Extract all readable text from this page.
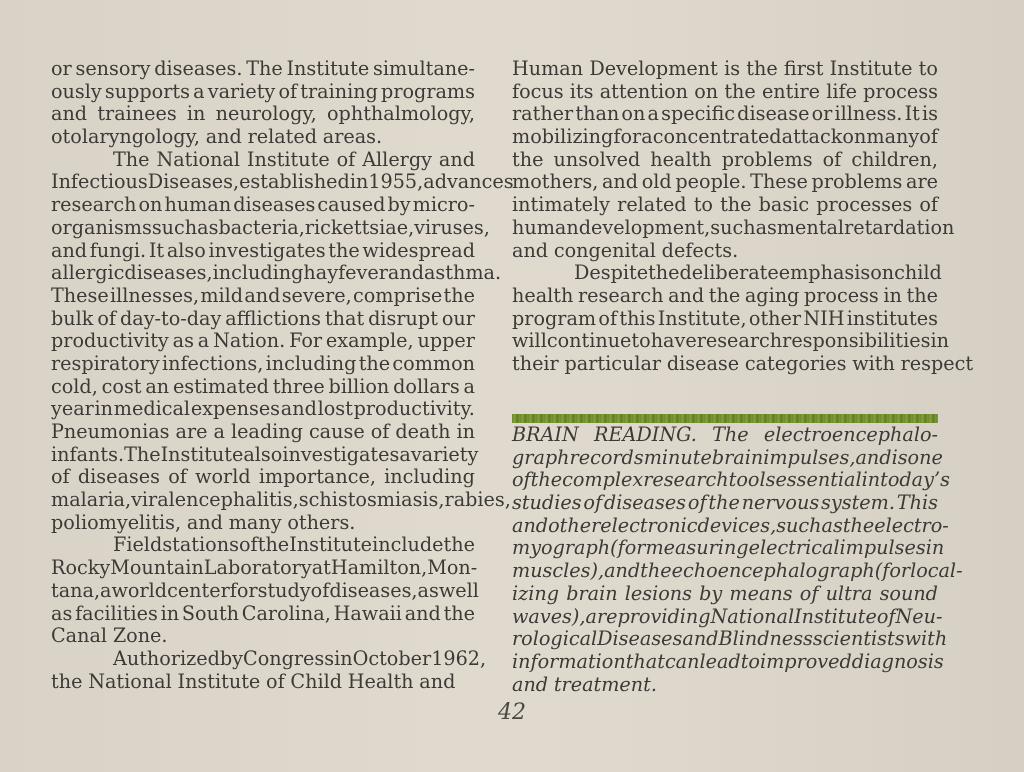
or sensory diseases. The Institute simultane-
ously supports a variety of training programs
and trainees in neurology, ophthalmology,
otolaryngology, and related areas.
The National Institute of Allergy and
Infectious Diseases, established in 1955, advances
research on human diseases caused by micro-
organisms such as bacteria, rickettsiae, viruses,
and fungi. It also investigates the widespread
allergic diseases, including hay fever and asthma.
These illnesses, mild and severe, comprise the
bulk of day-to-day afflictions that disrupt our
productivity as a Nation. For example, upper
respiratory infections, including the common
cold, cost an estimated three billion dollars a
year in medical expenses and lost productivity.
Pneumonias are a leading cause of death in
infants. The Institute also investigates a variety
of diseases of world importance, including
malaria, viral encephalitis, schistosmiasis, rabies,
poliomyelitis, and many others.
Field stations of the Institute include the
Rocky Mountain Laboratory at Hamilton, Mon-
tana, a world center for study of diseases, as well
as facilities in South Carolina, Hawaii and the
Canal Zone.
Authorized by Congress in October 1962,
the National Institute of Child Health and
Human Development is the first Institute to
focus its attention on the entire life process
rather than on a specific disease or illness. It is
mobilizing for a concentrated attack on many of
the unsolved health problems of children,
mothers, and old people. These problems are
intimately related to the basic processes of
human development, such as mental retardation
and congenital defects.
Despite the deliberate emphasis on child
health research and the aging process in the
program of this Institute, other NIH institutes
will continue to have research responsibilities in
their particular disease categories with respect
BRAIN READING. The electroencephalo-
graph records minute brain impulses, and is one
of the complex research tools essential in today’s
studies of diseases of the nervous system. This
and other electronic devices, such as the electro-
myograph (for measuring electrical impulses in
muscles), and the echoencephalograph (for local-
izing brain lesions by means of ultra sound
waves), are providing National Institute of Neu-
rological Diseases and Blindness scientists with
information that can lead to improved diagnosis
and treatment.
42
